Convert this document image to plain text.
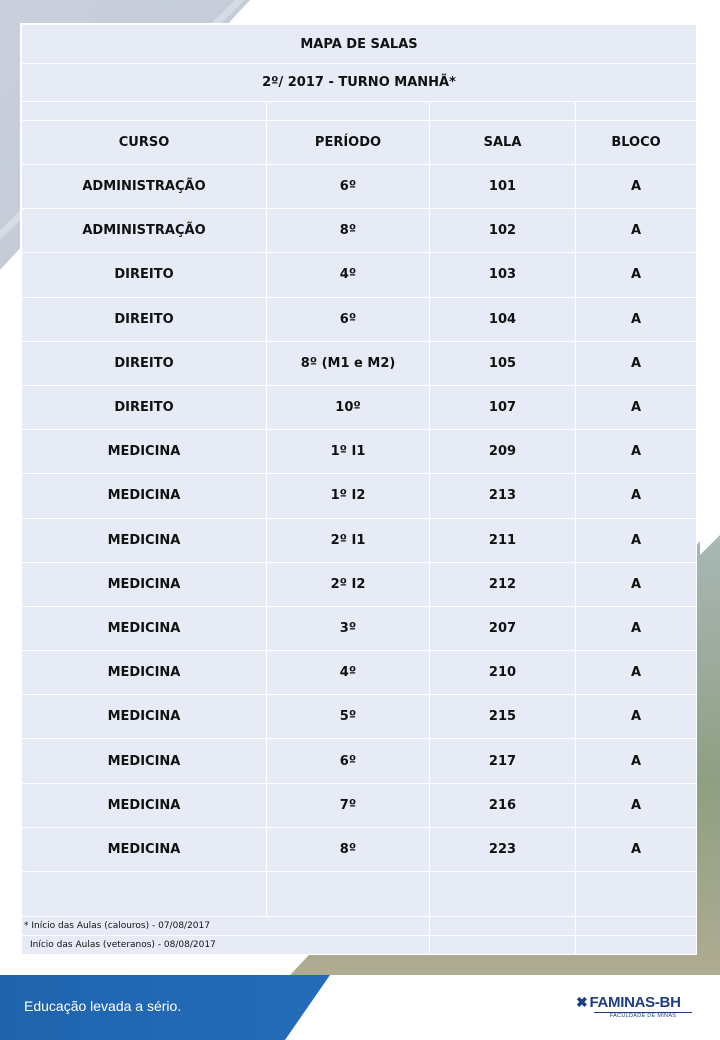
MAPA DE SALAS			
2º/ 2017 - TURNO MANHÃ*			

CURSO	PERÍODO	SALA	BLOCO
ADMINISTRAÇÃO	6º	101	A
ADMINISTRAÇÃO	8º	102	A
DIREITO	4º	103	A
DIREITO	6º	104	A
DIREITO	8º (M1 e M2)	105	A
DIREITO	10º	107	A
MEDICINA	1º I1	209	A
MEDICINA	1º I2	213	A
MEDICINA	2º I1	211	A
MEDICINA	2º I2	212	A
MEDICINA	3º	207	A
MEDICINA	4º	210	A
MEDICINA	5º	215	A
MEDICINA	6º	217	A
MEDICINA	7º	216	A
MEDICINA	8º	223	A

* Início das Aulas (calouros) - 07/08/2017			
Início das Aulas (veteranos) - 08/08/2017			
Educação levada a sério.	✖ FAMINAS-BH
FACULDADE DE MINAS
